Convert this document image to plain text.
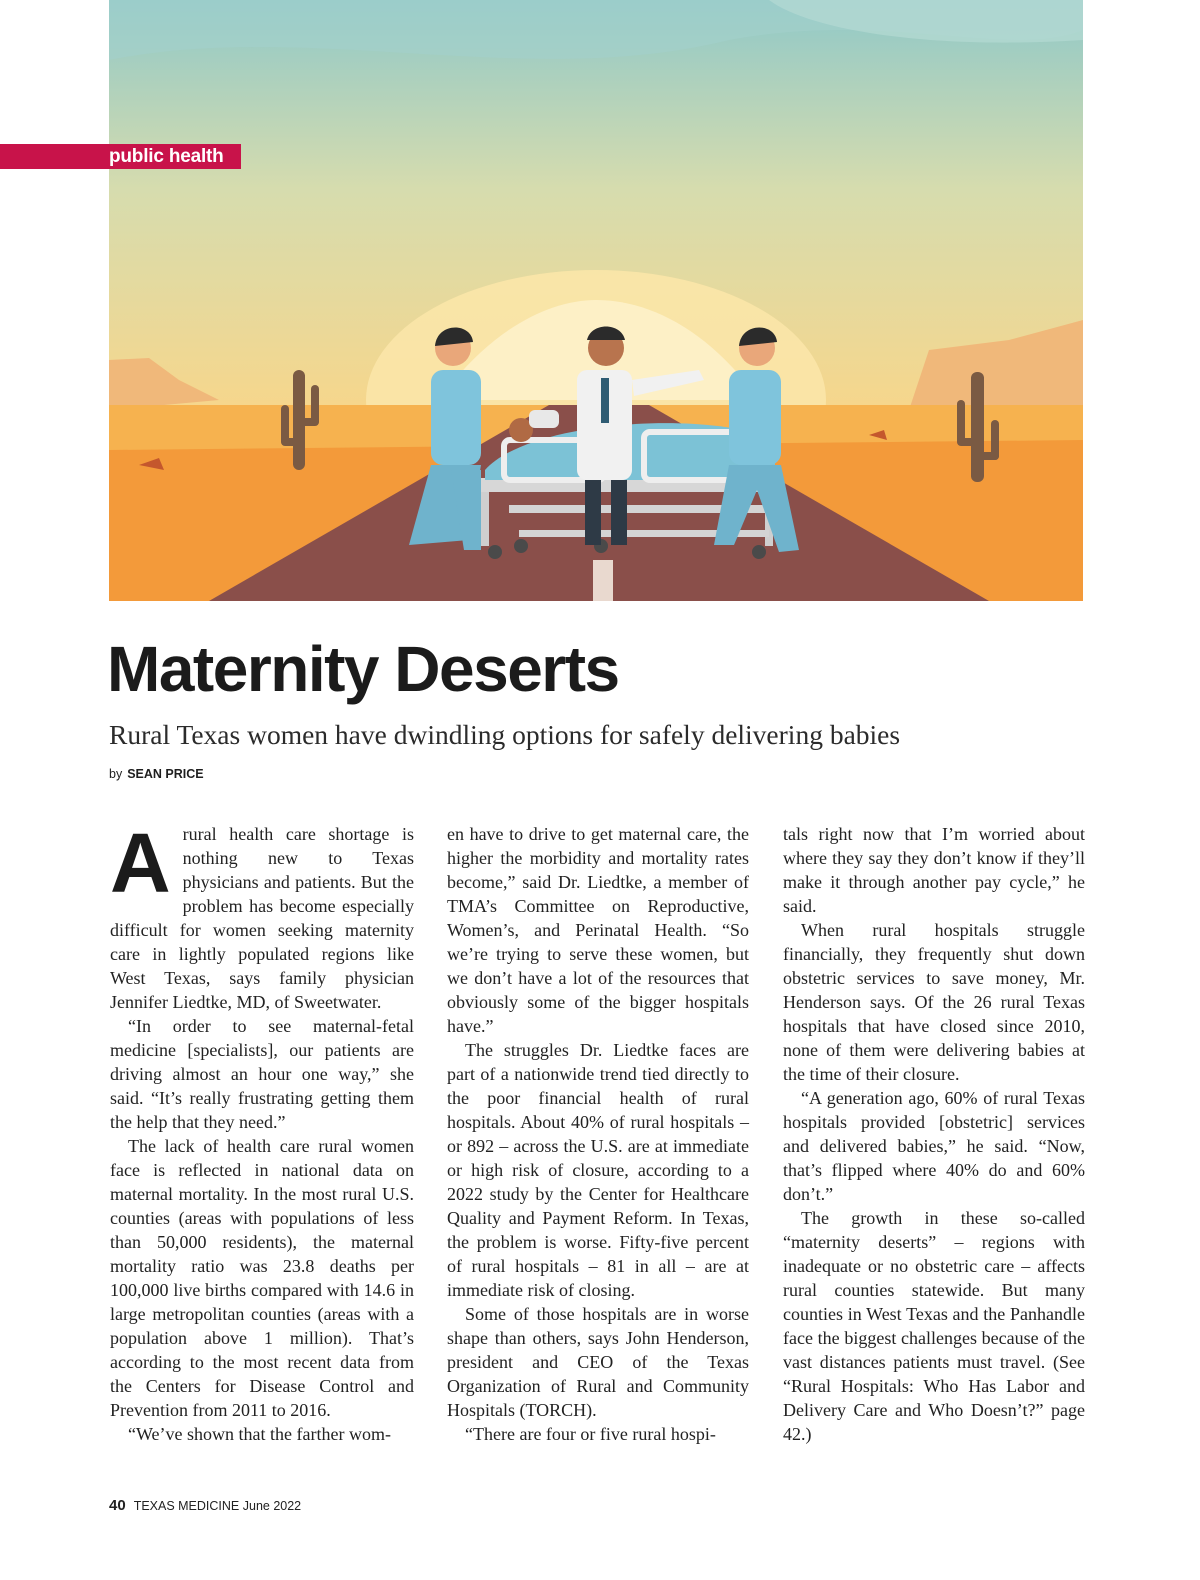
public health
Maternity Deserts

Rural Texas women have dwindling options for safely delivering babies

by SEAN PRICE

A rural health care shortage is nothing new to Texas physicians and patients. But the problem has become especially difficult for women seeking maternity care in lightly populated regions like West Texas, says family physician Jennifer Liedtke, MD, of Sweetwater.

“In order to see maternal-fetal medicine [specialists], our patients are driving almost an hour one way,” she said. “It’s really frustrating getting them the help that they need.”

The lack of health care rural women face is reflected in national data on maternal mortality. In the most rural U.S. counties (areas with populations of less than 50,000 residents), the maternal mortality ratio was 23.8 deaths per 100,000 live births compared with 14.6 in large metropolitan counties (areas with a population above 1 million). That’s according to the most recent data from the Centers for Disease Control and Prevention from 2011 to 2016.

“We’ve shown that the farther wom-

en have to drive to get maternal care, the higher the morbidity and mortality rates become,” said Dr. Liedtke, a member of TMA’s Committee on Reproductive, Women’s, and Perinatal Health. “So we’re trying to serve these women, but we don’t have a lot of the resources that obviously some of the bigger hospitals have.”

The struggles Dr. Liedtke faces are part of a nationwide trend tied directly to the poor financial health of rural hospitals. About 40% of rural hospitals – or 892 – across the U.S. are at immediate or high risk of closure, according to a 2022 study by the Center for Healthcare Quality and Payment Reform. In Texas, the problem is worse. Fifty-five percent of rural hospitals – 81 in all – are at immediate risk of closing.

Some of those hospitals are in worse shape than others, says John Henderson, president and CEO of the Texas Organization of Rural and Community Hospitals (TORCH).

“There are four or five rural hospi-

tals right now that I’m worried about where they say they don’t know if they’ll make it through another pay cycle,” he said.

When rural hospitals struggle financially, they frequently shut down obstetric services to save money, Mr. Henderson says. Of the 26 rural Texas hospitals that have closed since 2010, none of them were delivering babies at the time of their closure.

“A generation ago, 60% of rural Texas hospitals provided [obstetric] services and delivered babies,” he said. “Now, that’s flipped where 40% do and 60% don’t.”

The growth in these so-called “maternity deserts” – regions with inadequate or no obstetric care – affects rural counties statewide. But many counties in West Texas and the Panhandle face the biggest challenges because of the vast distances patients must travel. (See “Rural Hospitals: Who Has Labor and Delivery Care and Who Doesn’t?” page 42.)

40 TEXAS MEDICINE June 2022
